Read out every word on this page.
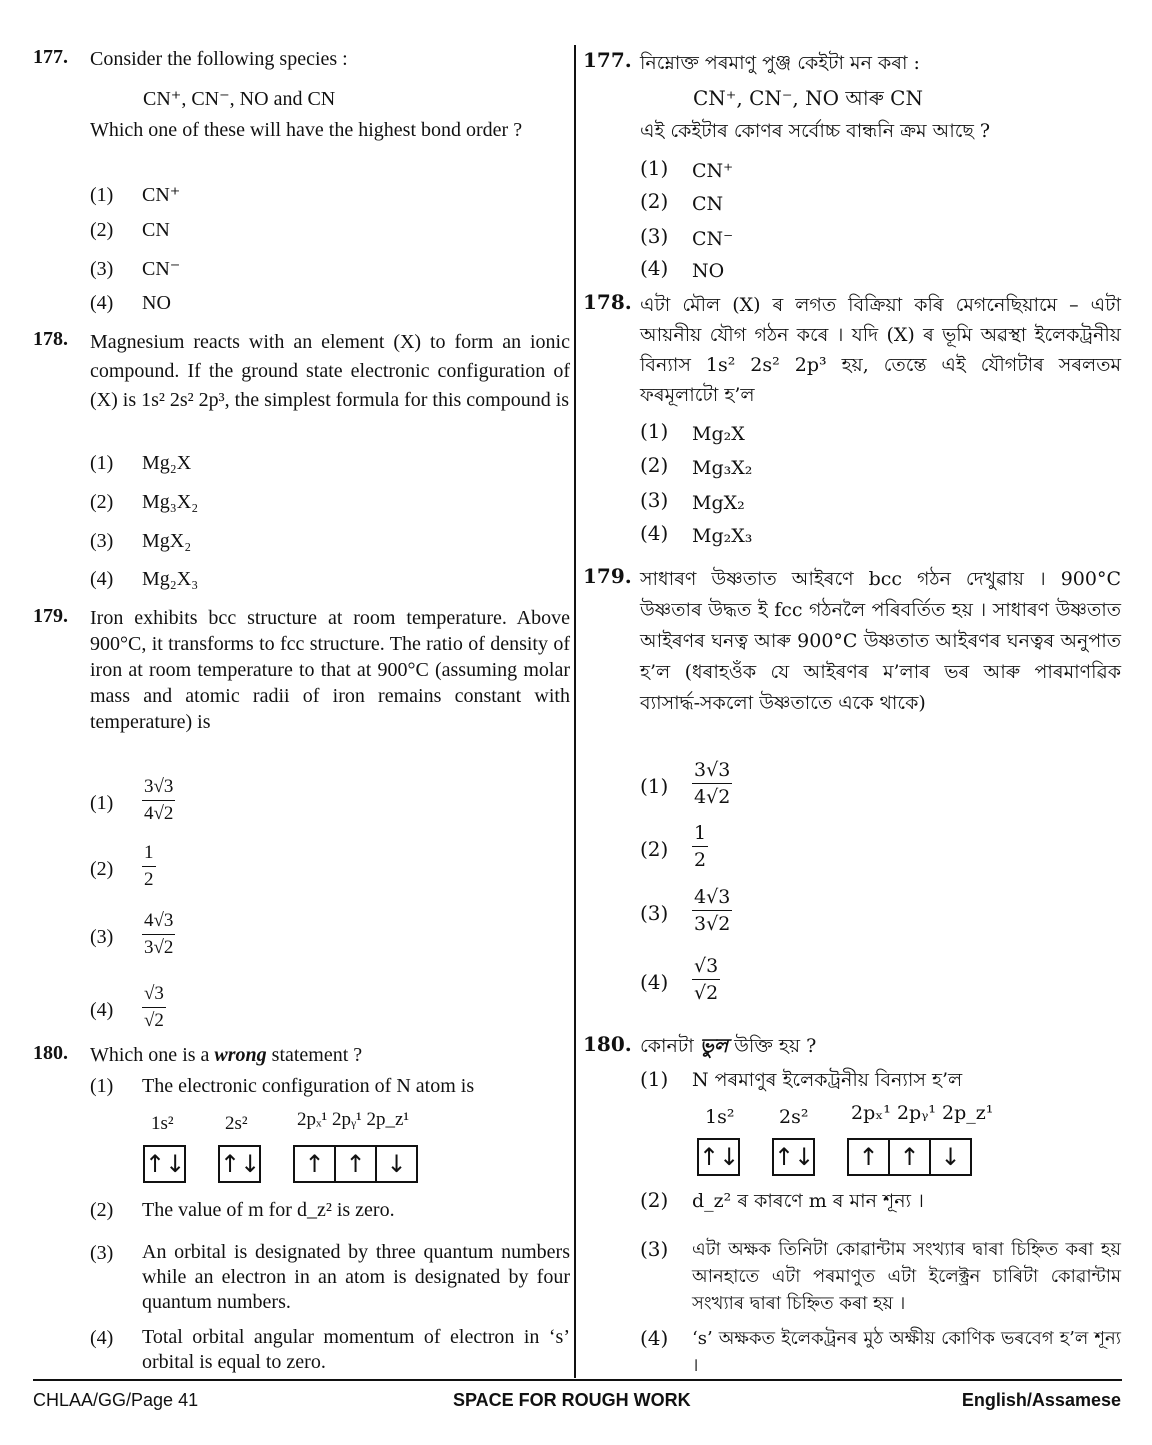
177. Consider the following species :
CN⁺, CN⁻, NO and CN
Which one of these will have the highest bond order ?
(1) CN⁺
(2) CN
(3) CN⁻
(4) NO
178. Magnesium reacts with an element (X) to form an ionic compound. If the ground state electronic configuration of (X) is 1s² 2s² 2p³, the simplest formula for this compound is
(1) Mg₂X
(2) Mg₃X₂
(3) MgX₂
(4) Mg₂X₃
179. Iron exhibits bcc structure at room temperature. Above 900°C, it transforms to fcc structure. The ratio of density of iron at room temperature to that at 900°C (assuming molar mass and atomic radii of iron remains constant with temperature) is
$(1) \frac{3√3}{4√2}$
$(2) \frac{1}{2}$
$(3) \frac{4√3}{3√2}$
$(4) \frac{√3}{√2}$
180. Which one is a wrong statement ?
(1) The electronic configuration of N atom is
1s²	2s²	2pₓ¹ 2pᵧ¹ 2p_z¹
↑↓ ↑↓	↑ ↑ ↓
(2) The value of m for d_z² is zero.
(3) An orbital is designated by three quantum numbers while an electron in an atom is designated by four quantum numbers.
(4) Total orbital angular momentum of electron in ‘s’ orbital is equal to zero.
177. নিম্নোক্ত পৰমাণু পুঞ্জ কেইটা মন কৰা :
CN⁺, CN⁻, NO আৰু CN
এই কেইটাৰ কোণৰ সৰ্বোচ্চ বান্ধনি ক্ৰম আছে ?
(1) CN⁺
(2) CN
(3) CN⁻
(4) NO
178. এটা মৌল (X) ৰ লগত বিক্ৰিয়া কৰি মেগনেছিয়ামে – এটা আয়নীয় যৌগ গঠন কৰে । যদি (X) ৰ ভূমি অৱস্থা ইলেকট্ৰনীয় বিন্যাস 1s² 2s² 2p³ হয়, তেন্তে এই যৌগটাৰ সৰলতম ফৰমূলাটো হ’ল
(1) Mg₂X
(2) Mg₃X₂
(3) MgX₂
(4) Mg₂X₃
179. সাধাৰণ উষ্ণতাত আইৰণে bcc গঠন দেখুৱায় । 900°C উষ্ণতাৰ উদ্ধত ই fcc গঠনলৈ পৰিবৰ্তিত হয় । সাধাৰণ উষ্ণতাত আইৰণৰ ঘনত্ব আৰু 900°C উষ্ণতাত আইৰণৰ ঘনত্বৰ অনুপাত হ’ল (ধৰাহওঁক যে আইৰণৰ ম’লাৰ ভৰ আৰু পাৰমাণৱিক ব্যাসাৰ্দ্ধ-সকলো উষ্ণতাতে একে থাকে)
$(1) \frac{3√3}{4√2}$
$(2) \frac{1}{2}$
$(3) \frac{4√3}{3√2}$
$(4) \frac{√3}{√2}$
180. কোনটা ভুল উক্তি হয় ?
(1) N পৰমাণুৰ ইলেকট্ৰনীয় বিন্যাস হ’ল
1s² 2s² 2pₓ¹ 2pᵧ¹ 2p_z¹
↑↓ ↑↓	↑ ↑ ↓
(2) d_z² ৰ কাৰণে m ৰ মান শূন্য ।
(3) এটা অক্ষক তিনিটা কোৱান্টাম সংখ্যাৰ দ্বাৰা চিহ্নিত কৰা হয় আনহাতে এটা পৰমাণুত এটা ইলেক্ট্ৰন চাৰিটা কোৱান্টাম সংখ্যাৰ দ্বাৰা চিহ্নিত কৰা হয় ।
(4) ‘s’ অক্ষকত ইলেকট্ৰনৰ মুঠ অক্ষীয় কোণিক ভৰবেগ হ’ল শূন্য ।
CHLAA/GG/Page 41	SPACE FOR ROUGH WORK	English/Assamese
